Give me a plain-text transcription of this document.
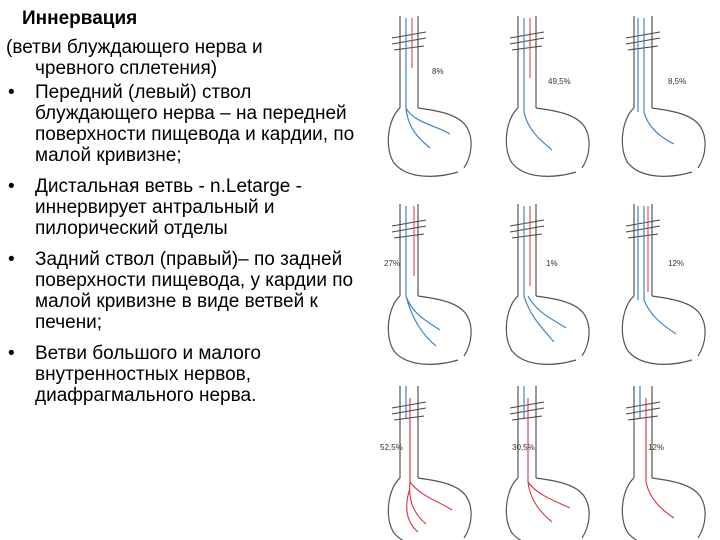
Иннервация
(ветви блуждающего нерва и
чревного сплетения)
• Передний (левый) ствол блуждающего нерва – на передней поверхности пищевода и кардии, по малой кривизне;
• Дистальная ветвь - n.Letarge - иннервирует антральный и пилорический отделы
• Задний ствол (правый)– по задней поверхности пищевода, у кардии по малой кривизне в виде ветвей к печени;
• Ветви большого и малого внутренностных нервов, диафрагмального нерва.
8%
49,5%	8,5%
27%	1%	12%
52,5%	30,5%	12%
